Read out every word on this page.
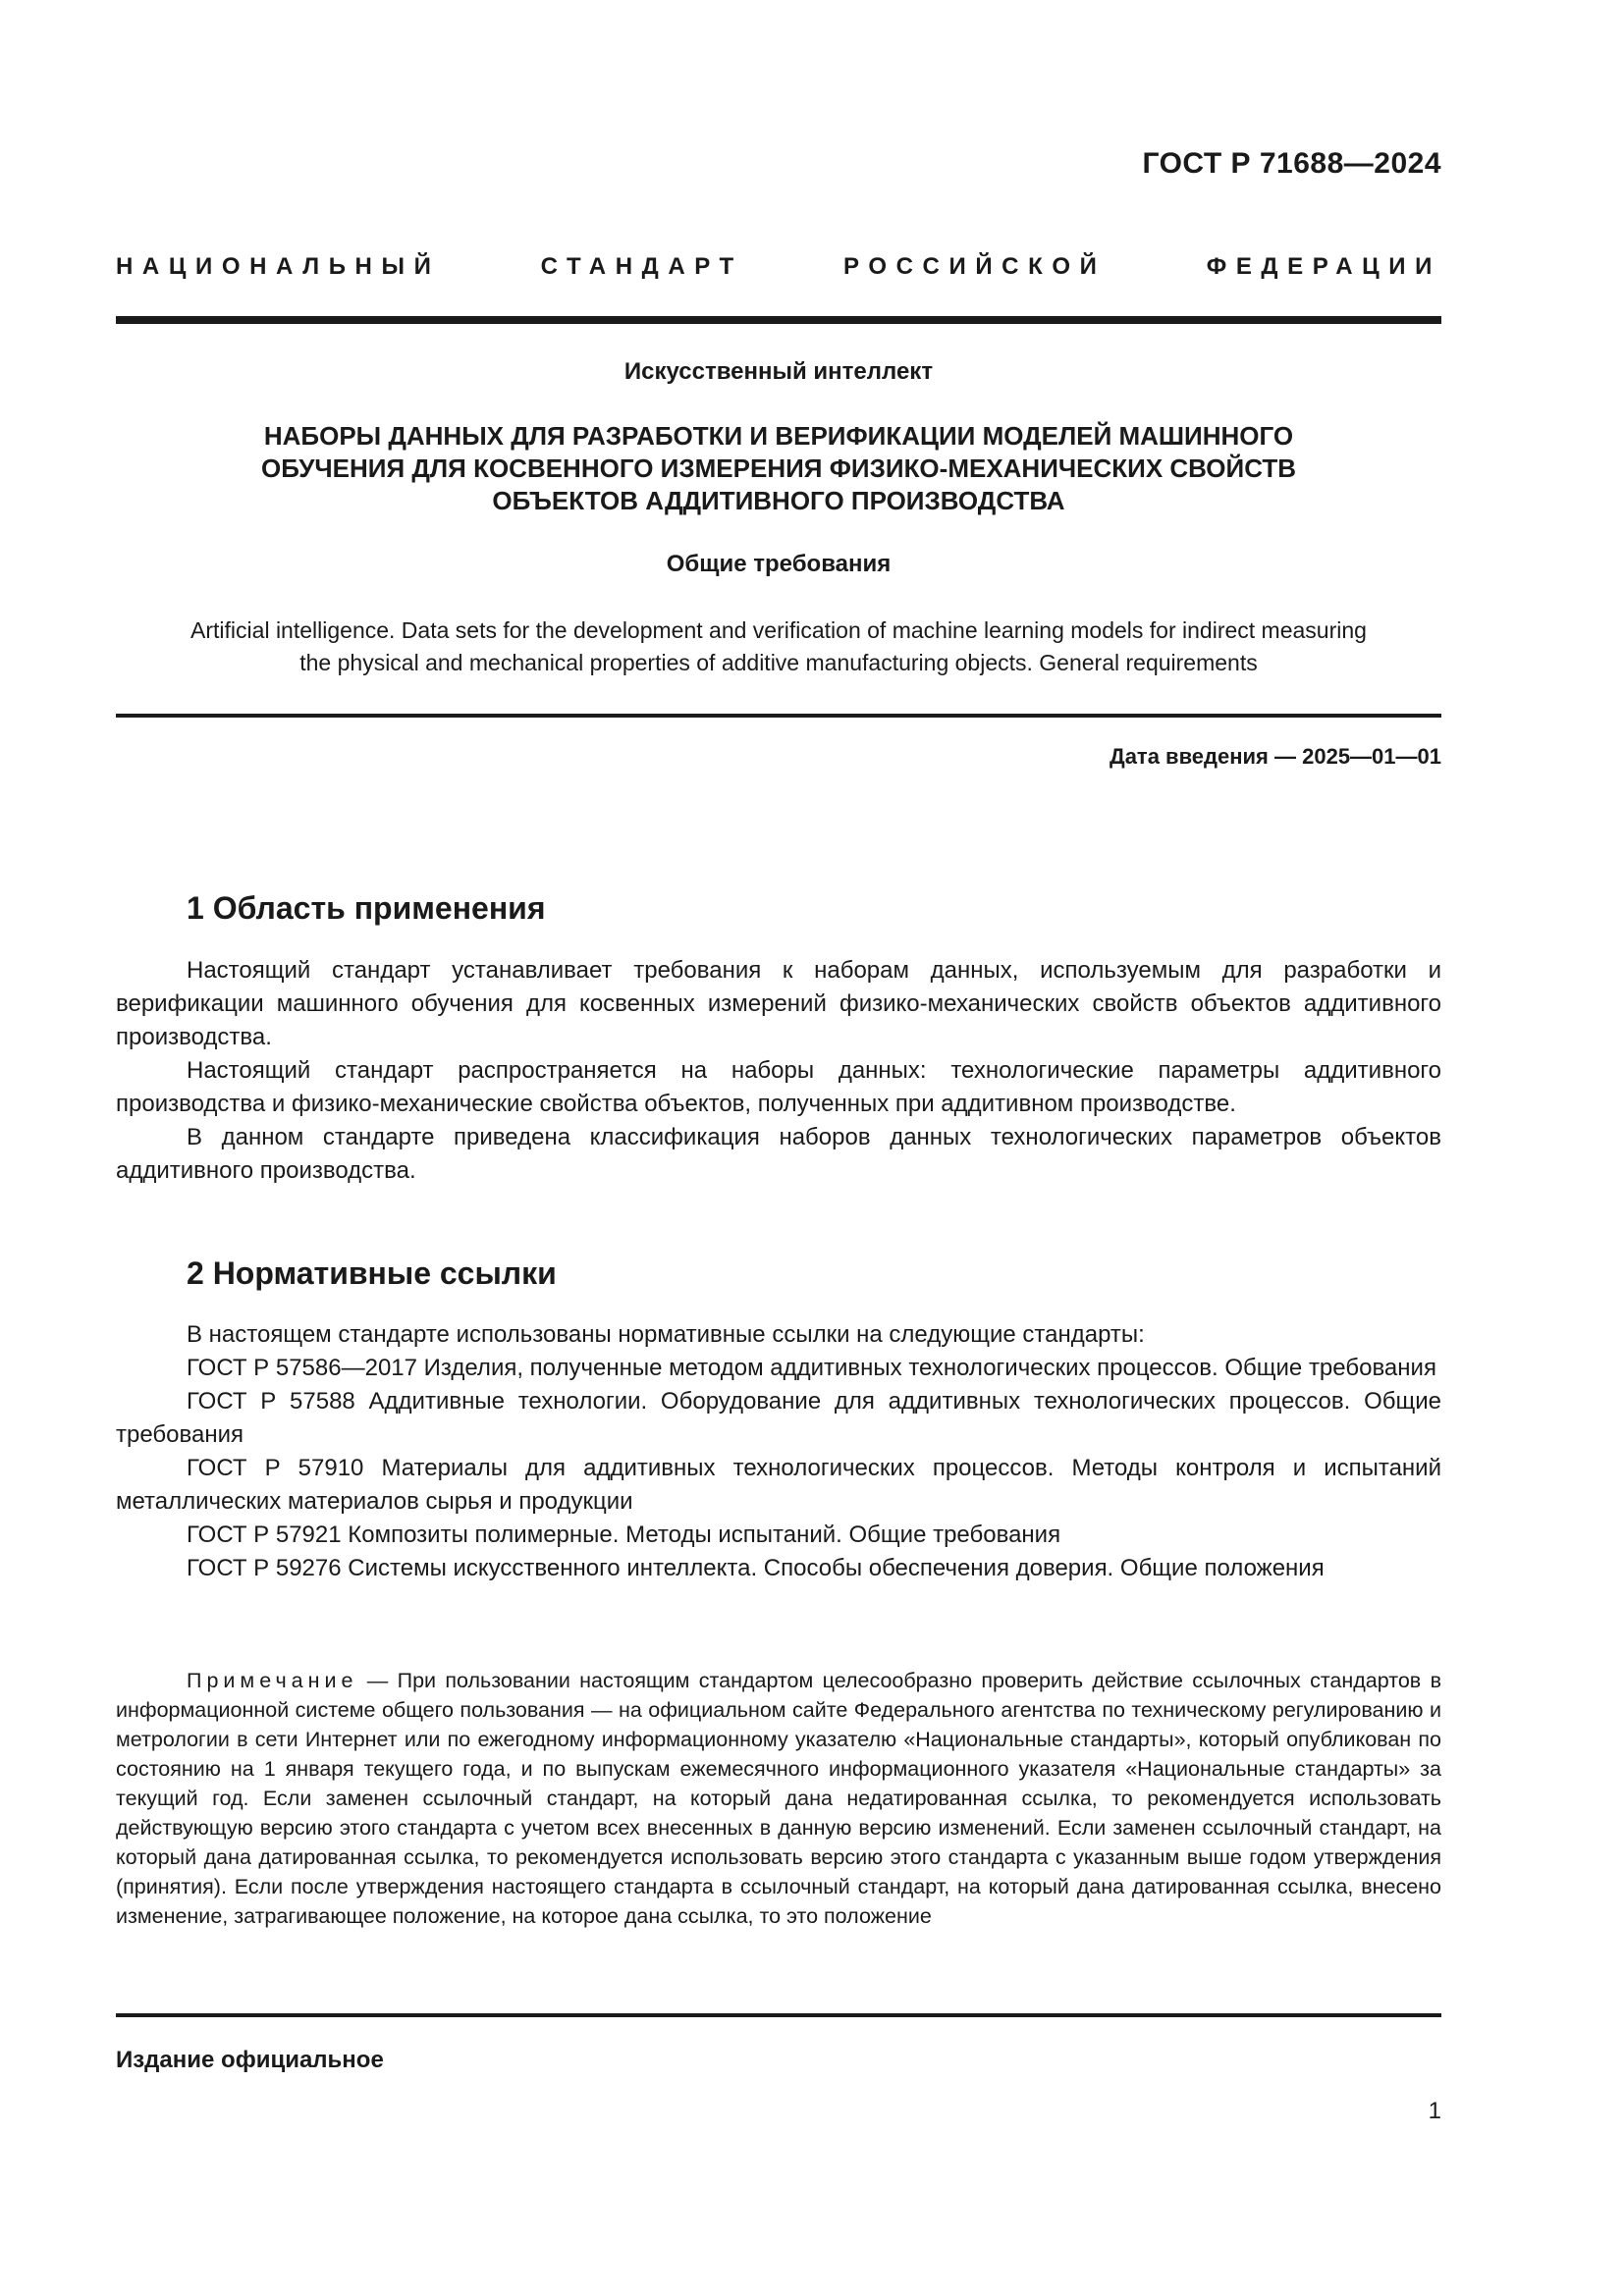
ГОСТ Р 71688—2024
НАЦИОНАЛЬНЫЙ СТАНДАРТ РОССИЙСКОЙ ФЕДЕРАЦИИ
Искусственный интеллект
НАБОРЫ ДАННЫХ ДЛЯ РАЗРАБОТКИ И ВЕРИФИКАЦИИ МОДЕЛЕЙ МАШИННОГО
ОБУЧЕНИЯ ДЛЯ КОСВЕННОГО ИЗМЕРЕНИЯ ФИЗИКО-МЕХАНИЧЕСКИХ СВОЙСТВ
ОБЪЕКТОВ АДДИТИВНОГО ПРОИЗВОДСТВА
Общие требования
Artificial intelligence. Data sets for the development and verification of machine learning models for indirect measuring
the physical and mechanical properties of additive manufacturing objects. General requirements
Дата введения — 2025—01—01
1 Область применения

Настоящий стандарт устанавливает требования к наборам данных, используемым для разработки и верификации машинного обучения для косвенных измерений физико-механических свойств объектов аддитивного производства.

Настоящий стандарт распространяется на наборы данных: технологические параметры аддитивного производства и физико-механические свойства объектов, полученных при аддитивном производстве.

В данном стандарте приведена классификация наборов данных технологических параметров объектов аддитивного производства.

2 Нормативные ссылки

В настоящем стандарте использованы нормативные ссылки на следующие стандарты:

ГОСТ Р 57586—2017 Изделия, полученные методом аддитивных технологических процессов. Общие требования

ГОСТ Р 57588 Аддитивные технологии. Оборудование для аддитивных технологических процессов. Общие требования

ГОСТ Р 57910 Материалы для аддитивных технологических процессов. Методы контроля и испытаний металлических материалов сырья и продукции

ГОСТ Р 57921 Композиты полимерные. Методы испытаний. Общие требования

ГОСТ Р 59276 Системы искусственного интеллекта. Способы обеспечения доверия. Общие положения

Примечание — При пользовании настоящим стандартом целесообразно проверить действие ссылочных стандартов в информационной системе общего пользования — на официальном сайте Федерального агентства по техническому регулированию и метрологии в сети Интернет или по ежегодному информационному указателю «Национальные стандарты», который опубликован по состоянию на 1 января текущего года, и по выпускам ежемесячного информационного указателя «Национальные стандарты» за текущий год. Если заменен ссылочный стандарт, на который дана недатированная ссылка, то рекомендуется использовать действующую версию этого стандарта с учетом всех внесенных в данную версию изменений. Если заменен ссылочный стандарт, на который дана датированная ссылка, то рекомендуется использовать версию этого стандарта с указанным выше годом утверждения (принятия). Если после утверждения настоящего стандарта в ссылочный стандарт, на который дана датированная ссылка, внесено изменение, затрагивающее положение, на которое дана ссылка, то это положение

Издание официальное
1
